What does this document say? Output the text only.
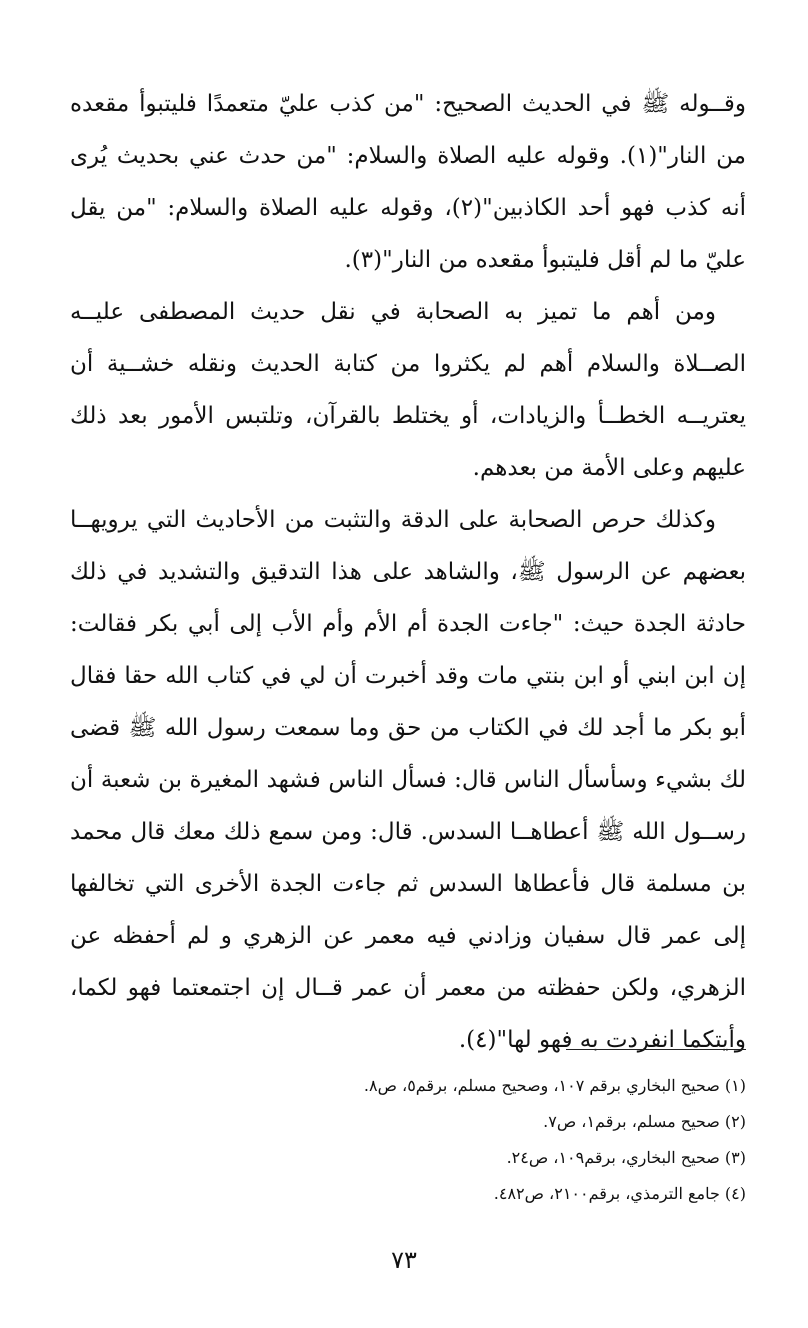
وقــوله ﷺ في الحديث الصحيح: "من كذب عليّ متعمدًا فليتبوأ مقعده من النار"(١). وقوله عليه الصلاة والسلام: "من حدث عني بحديث يُرى أنه كذب فهو أحد الكاذبين"(٢)، وقوله عليه الصلاة والسلام: "من يقل عليّ ما لم أقل فليتبوأ مقعده من النار"(٣).

ومن أهم ما تميز به الصحابة في نقل حديث المصطفى عليــه الصــلاة والسلام أهم لم يكثروا من كتابة الحديث ونقله خشــية أن يعتريــه الخطــأ والزيادات، أو يختلط بالقرآن، وتلتبس الأمور بعد ذلك عليهم وعلى الأمة من بعدهم.

وكذلك حرص الصحابة على الدقة والتثبت من الأحاديث التي يرويهــا بعضهم عن الرسول ﷺ، والشاهد على هذا التدقيق والتشديد في ذلك حادثة الجدة حيث: "جاءت الجدة أم الأم وأم الأب إلى أبي بكر فقالت: إن ابن ابني أو ابن بنتي مات وقد أخبرت أن لي في كتاب الله حقا فقال أبو بكر ما أجد لك في الكتاب من حق وما سمعت رسول الله ﷺ قضى لك بشيء وسأسأل الناس قال: فسأل الناس فشهد المغيرة بن شعبة أن رســول الله ﷺ أعطاهــا السدس. قال: ومن سمع ذلك معك قال محمد بن مسلمة قال فأعطاها السدس ثم جاءت الجدة الأخرى التي تخالفها إلى عمر قال سفيان وزادني فيه معمر عن الزهري و لم أحفظه عن الزهري، ولكن حفظته من معمر أن عمر قــال إن اجتمعتما فهو لكما، وأيتكما انفردت به فهو لها"(٤).

(١) صحيح البخاري برقم ١٠٧، وصحيح مسلم، برقم٥، ص٨.
(٢) صحيح مسلم، برقم١، ص٧.
(٣) صحيح البخاري، برقم١٠٩، ص٢٤.
(٤) جامع الترمذي، برقم٢١٠٠، ص٤٨٢.
٧٣
